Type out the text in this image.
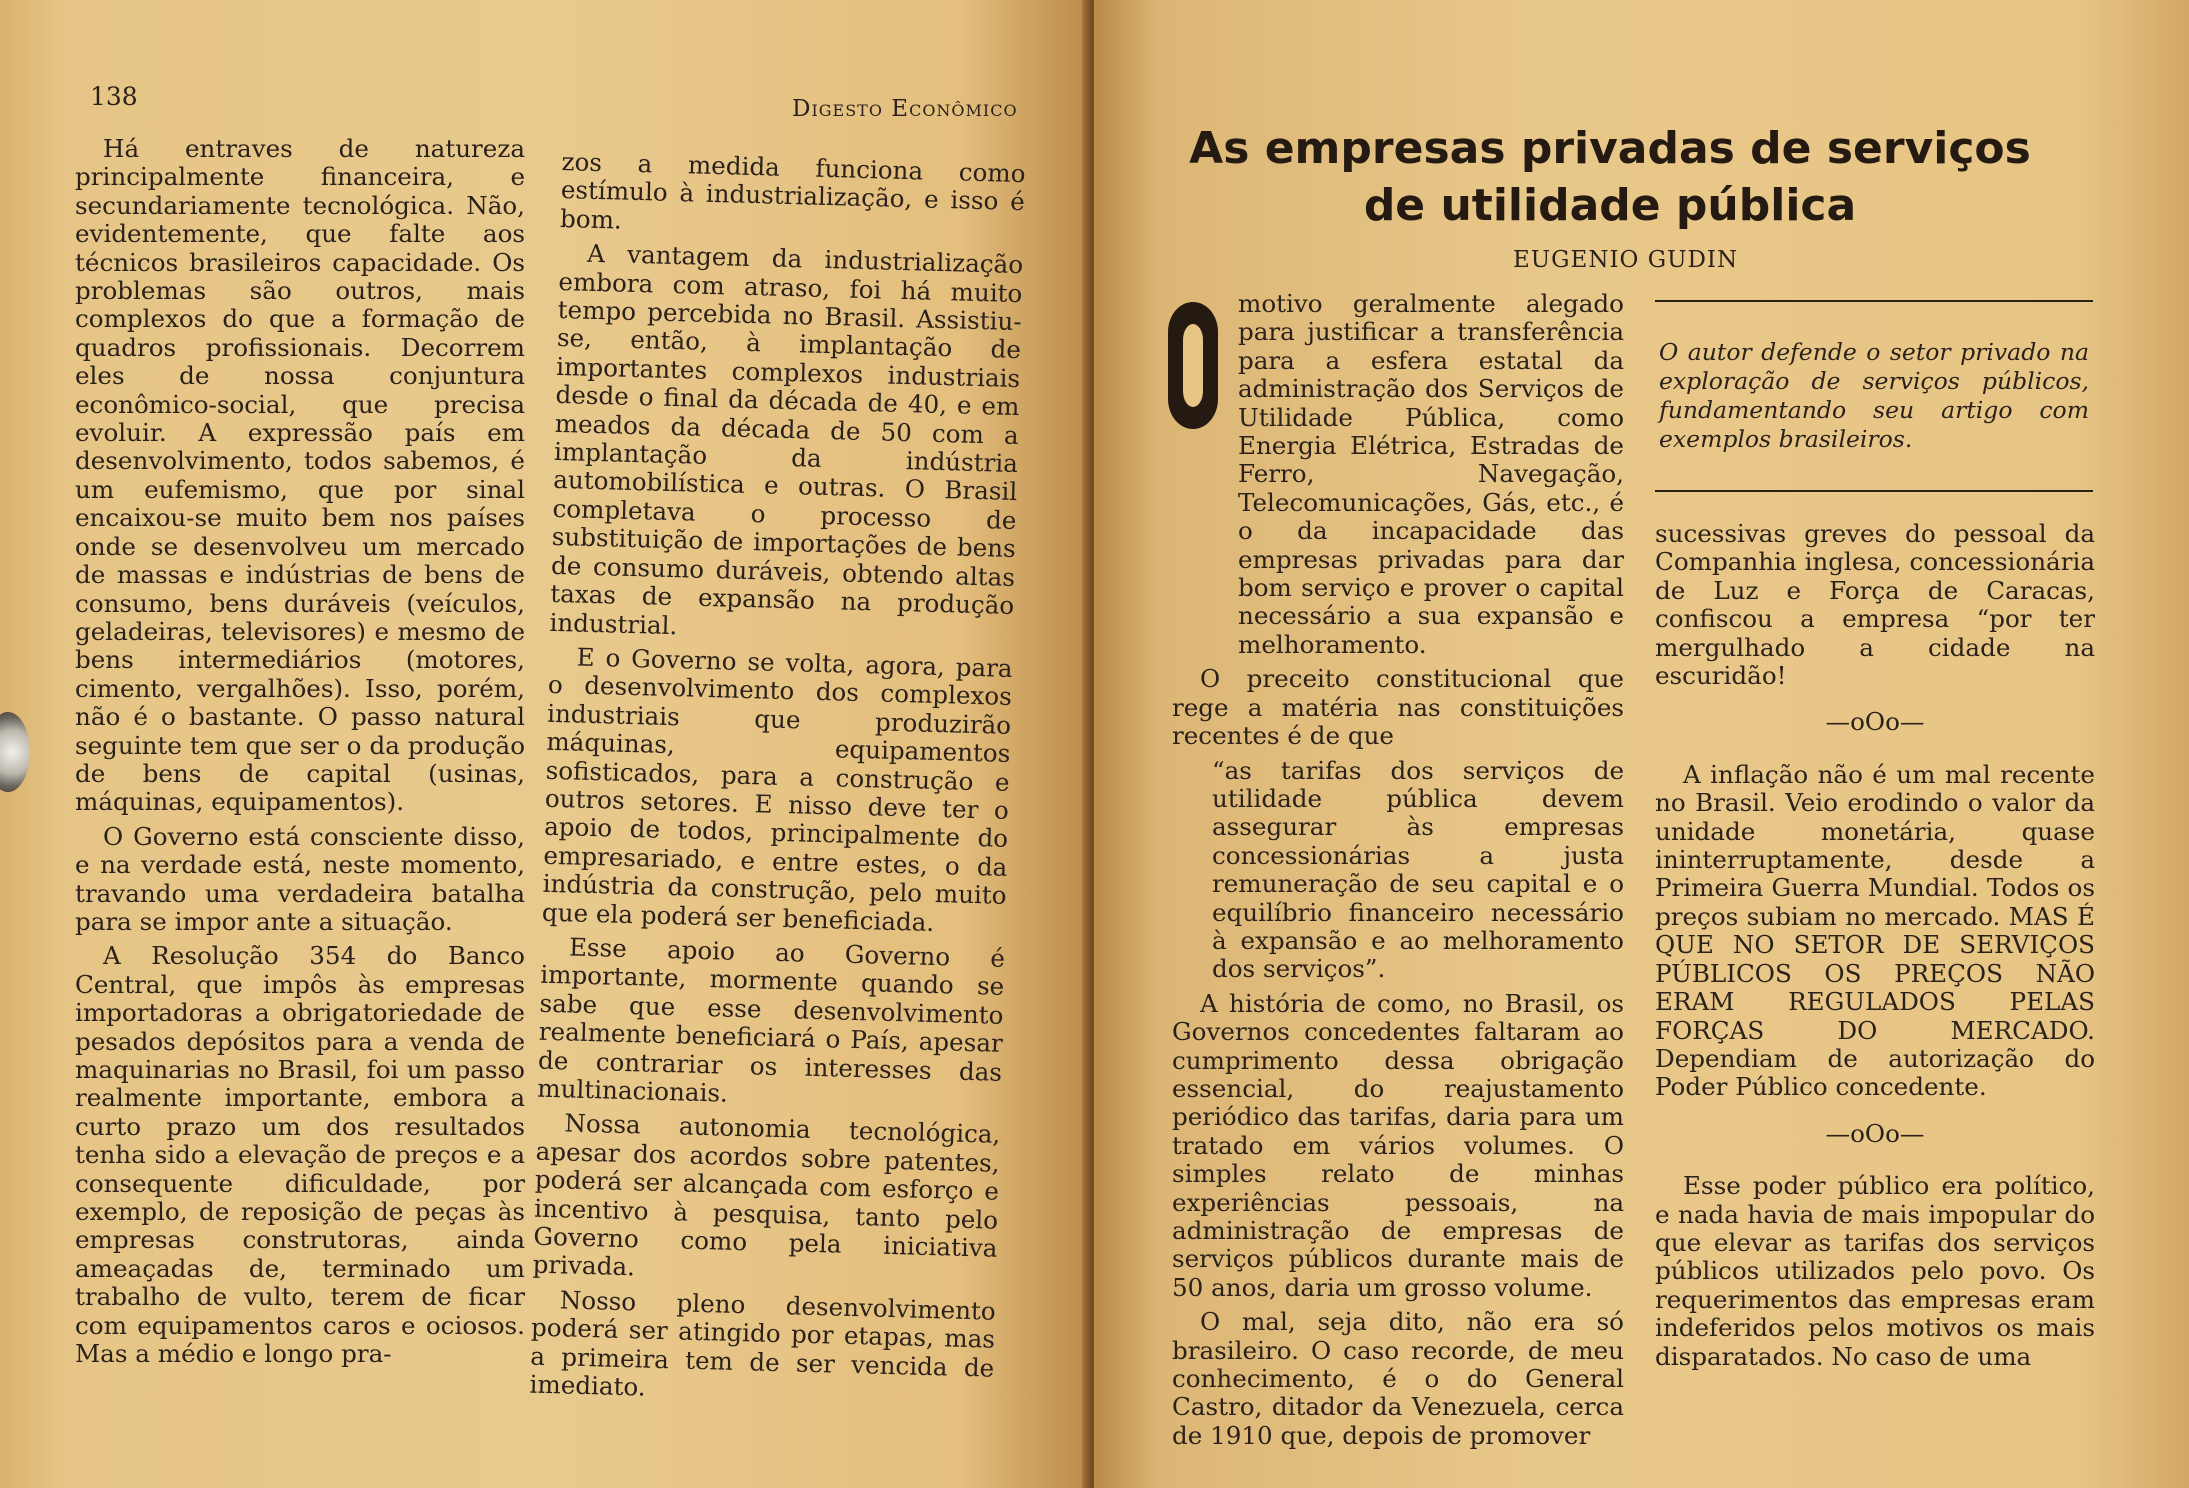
138	Digesto Econômico

Há entraves de natureza principalmente financeira, e secundariamente tecnológica. Não, evidentemente, que falte aos técnicos brasileiros capacidade. Os problemas são outros, mais complexos do que a formação de quadros profissionais. Decorrem eles de nossa conjuntura econômico-social, que precisa evoluir. A expressão país em desenvolvimento, todos sabemos, é um eufemismo, que por sinal encaixou-se muito bem nos países onde se desenvolveu um mercado de massas e indústrias de bens de consumo, bens duráveis (veículos, geladeiras, televisores) e mesmo de bens intermediários (motores, cimento, vergalhões). Isso, porém, não é o bastante. O passo natural seguinte tem que ser o da produção de bens de capital (usinas, máquinas, equipamentos).

O Governo está consciente disso, e na verdade está, neste momento, travando uma verdadeira batalha para se impor ante a situação.

A Resolução 354 do Banco Central, que impôs às empresas importadoras a obrigatoriedade de pesados depósitos para a venda de maquinarias no Brasil, foi um passo realmente importante, embora a curto prazo um dos resultados tenha sido a elevação de preços e a consequente dificuldade, por exemplo, de reposição de peças às empresas construtoras, ainda ameaçadas de, terminado um trabalho de vulto, terem de ficar com equipamentos caros e ociosos. Mas a médio e longo pra-

zos a medida funciona como estímulo à industrialização, e isso é bom.

A vantagem da industrialização embora com atraso, foi há muito tempo percebida no Brasil. Assistiu-se, então, à implantação de importantes complexos industriais desde o final da década de 40, e em meados da década de 50 com a implantação da indústria automobilística e outras. O Brasil completava o processo de substituição de importações de bens de consumo duráveis, obtendo altas taxas de expansão na produção industrial.

E o Governo se volta, agora, para o desenvolvimento dos complexos industriais que produzirão máquinas, equipamentos sofisticados, para a construção e outros setores. E nisso deve ter o apoio de todos, principalmente do empresariado, e entre estes, o da indústria da construção, pelo muito que ela poderá ser beneficiada.

Esse apoio ao Governo é importante, mormente quando se sabe que esse desenvolvimento realmente beneficiará o País, apesar de contrariar os interesses das multinacionais.

Nossa autonomia tecnológica, apesar dos acordos sobre patentes, poderá ser alcançada com esforço e incentivo à pesquisa, tanto pelo Governo como pela iniciativa privada.

Nosso pleno desenvolvimento poderá ser atingido por etapas, mas a primeira tem de ser vencida de imediato.

As empresas privadas de serviços de utilidade pública
EUGENIO GUDIN

motivo geralmente alegado para justificar a transferência para a esfera estatal da administração dos Serviços de Utilidade Pública, como Energia Elétrica, Estradas de Ferro, Navegação, Telecomunicações, Gás, etc., é o da incapacidade das empresas privadas para dar bom serviço e prover o capital necessário a sua expansão e melhoramento.

O preceito constitucional que rege a matéria nas constituições recentes é de que

“as tarifas dos serviços de utilidade pública devem assegurar às empresas concessionárias a justa remuneração de seu capital e o equilíbrio financeiro necessário à expansão e ao melhoramento dos serviços”.

A história de como, no Brasil, os Governos concedentes faltaram ao cumprimento dessa obrigação essencial, do reajustamento periódico das tarifas, daria para um tratado em vários volumes. O simples relato de minhas experiências pessoais, na administração de empresas de serviços públicos durante mais de 50 anos, daria um grosso volume.

O mal, seja dito, não era só brasileiro. O caso recorde, de meu conhecimento, é o do General Castro, ditador da Venezuela, cerca de 1910 que, depois de promover

O autor defende o setor privado na exploração de serviços públicos, fundamentando seu artigo com exemplos brasileiros.

sucessivas greves do pessoal da Companhia inglesa, concessionária de Luz e Força de Caracas, confiscou a empresa “por ter mergulhado a cidade na escuridão!

—oOo—

A inflação não é um mal recente no Brasil. Veio erodindo o valor da unidade monetária, quase ininterruptamente, desde a Primeira Guerra Mundial. Todos os preços subiam no mercado. MAS É QUE NO SETOR DE SERVIÇOS PÚBLICOS OS PREÇOS NÃO ERAM REGULADOS PELAS FORÇAS DO MERCADO. Dependiam de autorização do Poder Público concedente.

—oOo—

Esse poder público era político, e nada havia de mais impopular do que elevar as tarifas dos serviços públicos utilizados pelo povo. Os requerimentos das empresas eram indeferidos pelos motivos os mais disparatados. No caso de uma
